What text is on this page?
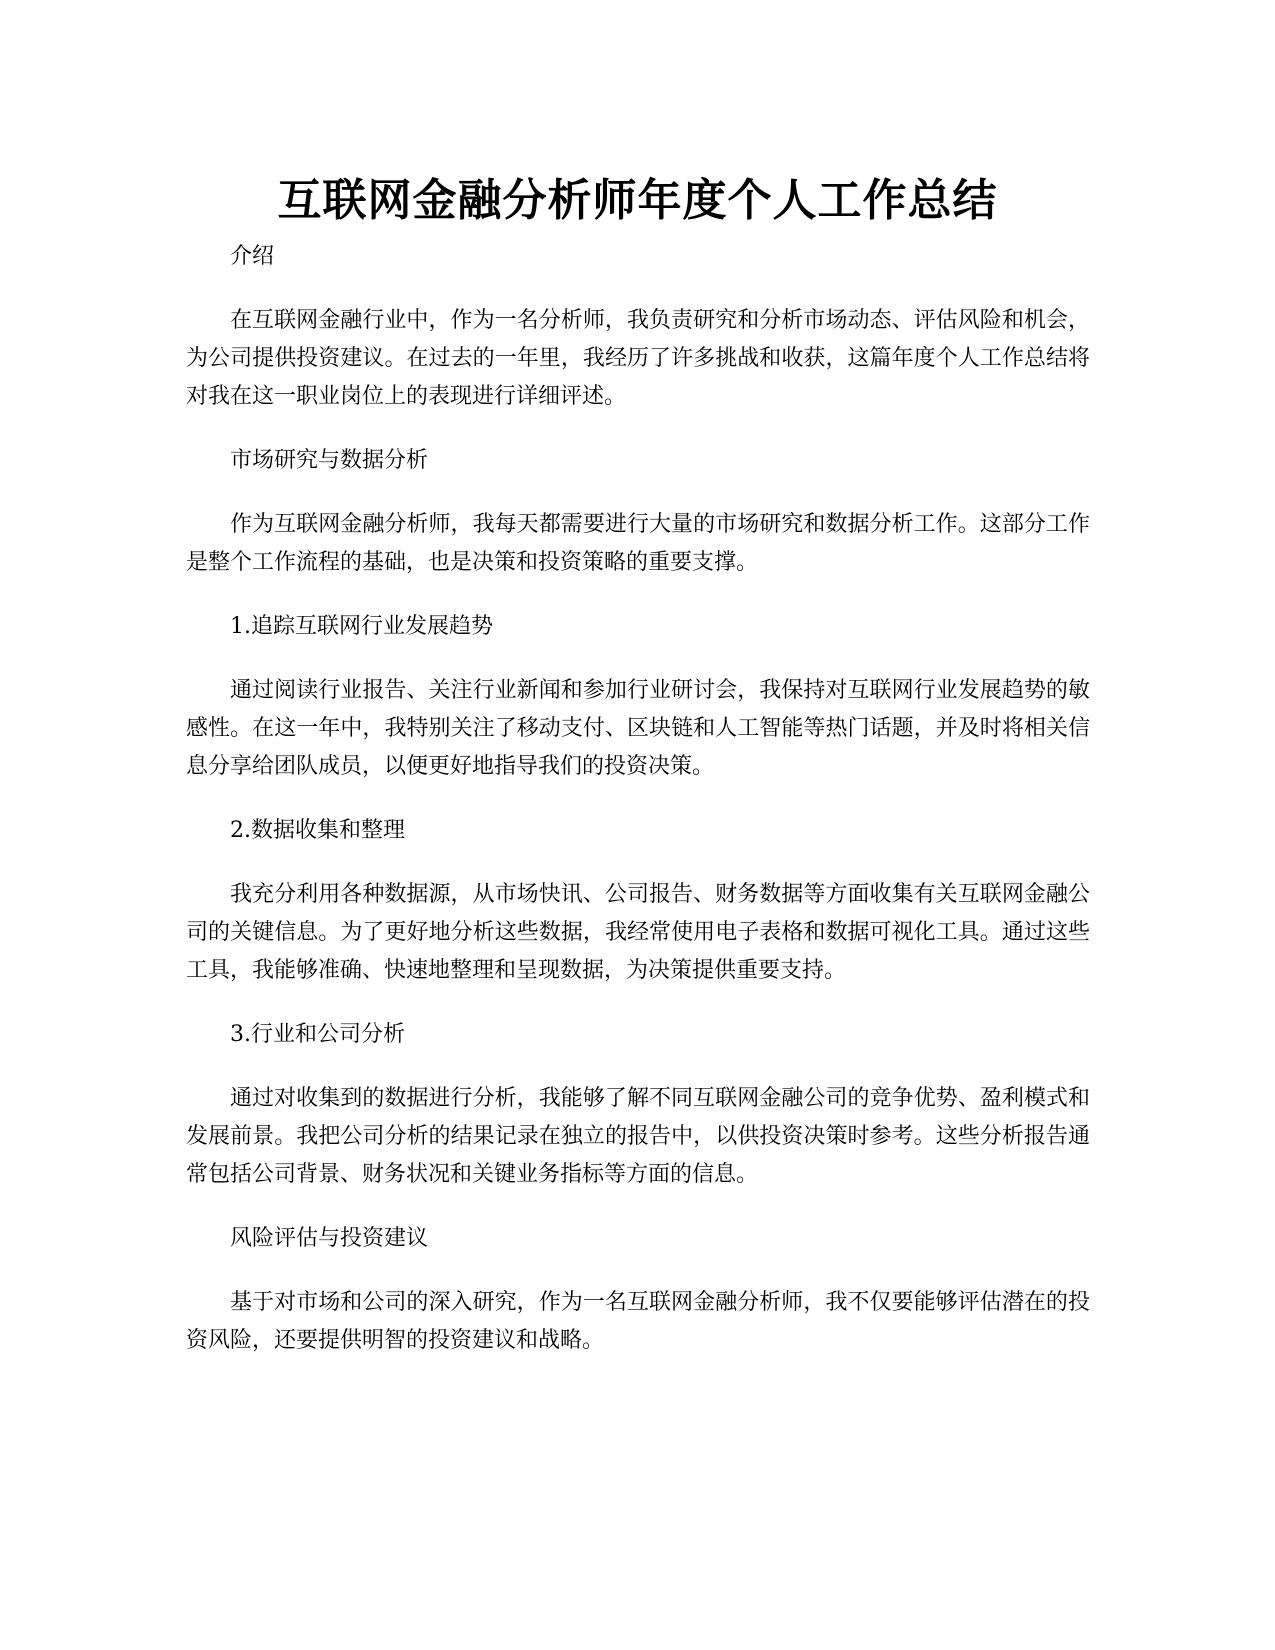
互联网金融分析师年度个人工作总结

介绍

在互联网金融行业中，作为一名分析师，我负责研究和分析市场动态、评估风险和机会，为公司提供投资建议。在过去的一年里，我经历了许多挑战和收获，这篇年度个人工作总结将对我在这一职业岗位上的表现进行详细评述。

市场研究与数据分析

作为互联网金融分析师，我每天都需要进行大量的市场研究和数据分析工作。这部分工作是整个工作流程的基础，也是决策和投资策略的重要支撑。

1.追踪互联网行业发展趋势

通过阅读行业报告、关注行业新闻和参加行业研讨会，我保持对互联网行业发展趋势的敏感性。在这一年中，我特别关注了移动支付、区块链和人工智能等热门话题，并及时将相关信息分享给团队成员，以便更好地指导我们的投资决策。

2.数据收集和整理

我充分利用各种数据源，从市场快讯、公司报告、财务数据等方面收集有关互联网金融公司的关键信息。为了更好地分析这些数据，我经常使用电子表格和数据可视化工具。通过这些工具，我能够准确、快速地整理和呈现数据，为决策提供重要支持。

3.行业和公司分析

通过对收集到的数据进行分析，我能够了解不同互联网金融公司的竞争优势、盈利模式和发展前景。我把公司分析的结果记录在独立的报告中，以供投资决策时参考。这些分析报告通常包括公司背景、财务状况和关键业务指标等方面的信息。

风险评估与投资建议

基于对市场和公司的深入研究，作为一名互联网金融分析师，我不仅要能够评估潜在的投资风险，还要提供明智的投资建议和战略。
